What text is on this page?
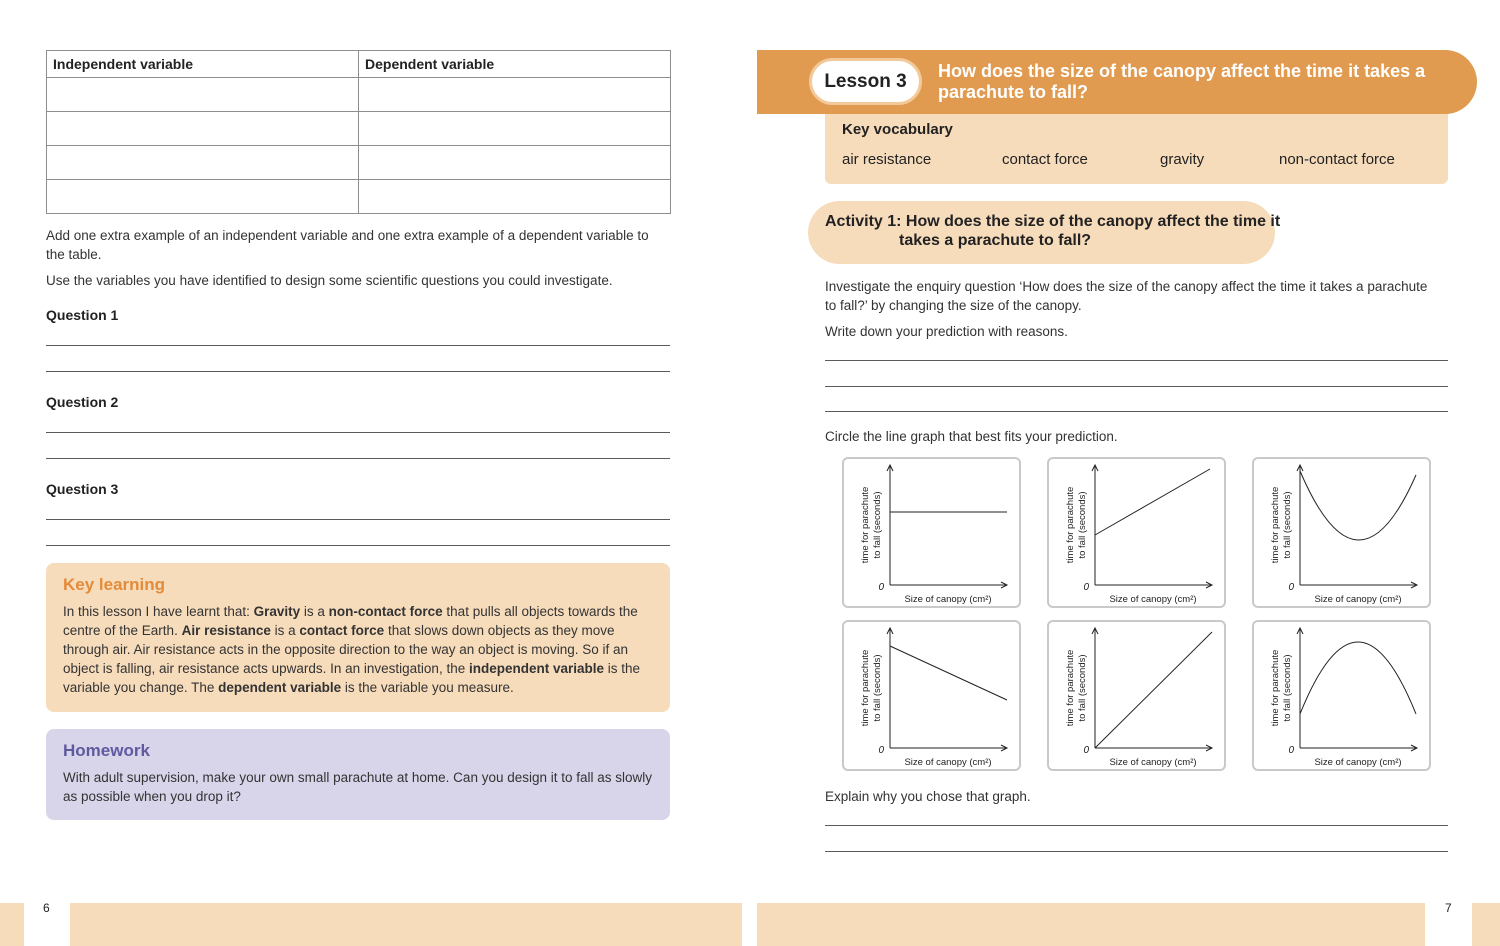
Independent variable	Dependent variable

Add one extra example of an independent variable and one extra example of a dependent variable to the table.

Use the variables you have identified to design some scientific questions you could investigate.

Question 1
Question 2
Question 3
Key learning

In this lesson I have learnt that: Gravity is a non-contact force that pulls all objects towards the centre of the Earth. Air resistance is a contact force that slows down objects as they move through air. Air resistance acts in the opposite direction to the way an object is moving. So if an object is falling, air resistance acts upwards. In an investigation, the independent variable is the variable you change. The dependent variable is the variable you measure.

Homework

With adult supervision, make your own small parachute at home. Can you design it to fall as slowly as possible when you drop it?

Lesson 3	How does the size of the canopy affect the time it takes a
parachute to fall?
Key vocabulary
air resistance	contact force	gravity	non-contact force
Activity 1: How does the size of the canopy affect the time it
takes a parachute to fall?

Investigate the enquiry question ‘How does the size of the canopy affect the time it takes a parachute to fall?’ by changing the size of the canopy.

Write down your prediction with reasons.

Circle the line graph that best fits your prediction.

0
Size of canopy (cm²)
time for parachute to fall (seconds)
0
Size of canopy (cm²)
time for parachute to fall (seconds)
0
Size of canopy (cm²)
time for parachute to fall (seconds)
0
Size of canopy (cm²)
time for parachute to fall (seconds)
0
Size of canopy (cm²)
time for parachute to fall (seconds)
0
Size of canopy (cm²)
time for parachute to fall (seconds)

Explain why you chose that graph.

6	7
